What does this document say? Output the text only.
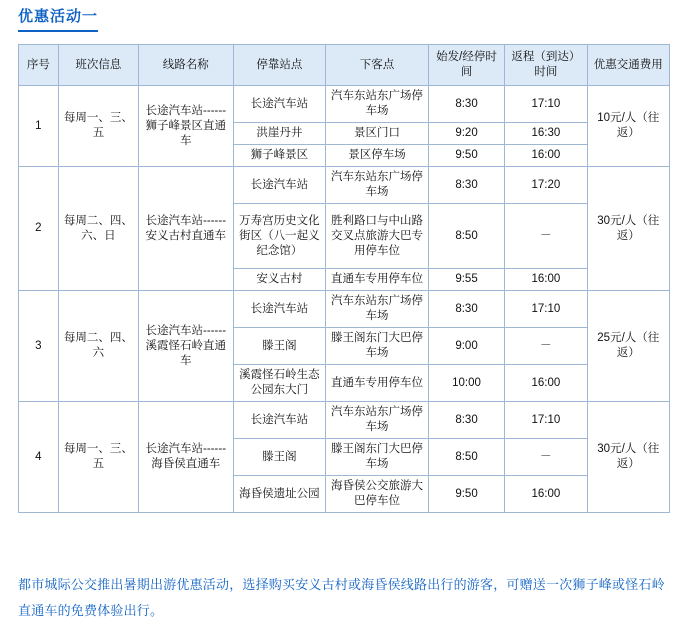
优惠活动一
序号	班次信息	线路名称	停靠站点	下客点	始发/经停时间	返程（到达）时间	优惠交通费用
1	每周一、三、五	长途汽车站------狮子峰景区直通车	长途汽车站	汽车东站东广场停车场	8:30	17:10	10元/人（往返）
			洪崖丹井	景区门口	9:20	16:30	
			狮子峰景区	景区停车场	9:50	16:00	
2	每周二、四、六、日	长途汽车站------安义古村直通车	长途汽车站	汽车东站东广场停车场	8:30	17:20	30元/人（往返）
			万寿宫历史文化街区（八一起义纪念馆）	胜利路口与中山路交叉点旅游大巴专用停车位	8:50	－	
			安义古村	直通车专用停车位	9:55	16:00	
3	每周二、四、六	长途汽车站------溪霞怪石岭直通车	长途汽车站	汽车东站东广场停车场	8:30	17:10	25元/人（往返）
			滕王阁	滕王阁东门大巴停车场	9:00	－	
			溪霞怪石岭生态公园东大门	直通车专用停车位	10:00	16:00	
4	每周一、三、五	长途汽车站------海昏侯直通车	长途汽车站	汽车东站东广场停车场	8:30	17:10	30元/人（往返）
			滕王阁	滕王阁东门大巴停车场	8:50	－	
			海昏侯遗址公园	海昏侯公交旅游大巴停车位	9:50	16:00	
都市城际公交推出暑期出游优惠活动，选择购买安义古村或海昏侯线路出行的游客，可赠送一次狮子峰或怪石岭直通车的免费体验出行。
